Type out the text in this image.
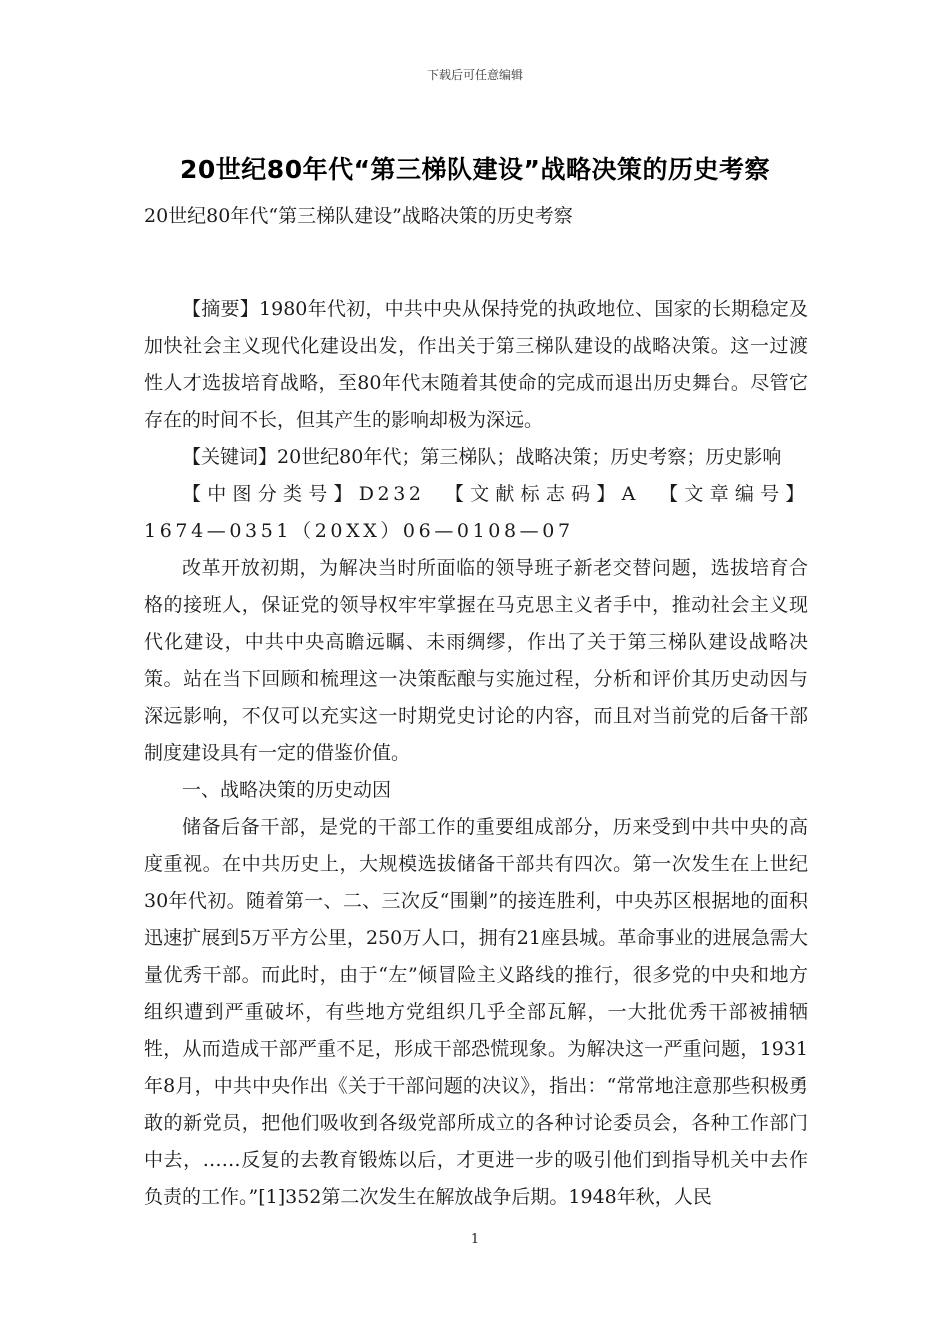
下载后可任意编辑
20世纪80年代“第三梯队建设”战略决策的历史考察

20世纪80年代“第三梯队建设”战略决策的历史考察

【摘要】1980年代初，中共中央从保持党的执政地位、国家的长期稳定及加快社会主义现代化建设出发，作出关于第三梯队建设的战略决策。这一过渡性人才选拔培育战略，至80年代末随着其使命的完成而退出历史舞台。尽管它存在的时间不长，但其产生的影响却极为深远。

【关键词】20世纪80年代；第三梯队；战略决策；历史考察；历史影响

【中图分类号】D232 【文献标志码】A 【文章编号】1674—0351（20XX）06—0108—07

改革开放初期，为解决当时所面临的领导班子新老交替问题，选拔培育合格的接班人，保证党的领导权牢牢掌握在马克思主义者手中，推动社会主义现代化建设，中共中央高瞻远瞩、未雨绸缪，作出了关于第三梯队建设战略决策。站在当下回顾和梳理这一决策酝酿与实施过程，分析和评价其历史动因与深远影响，不仅可以充实这一时期党史讨论的内容，而且对当前党的后备干部制度建设具有一定的借鉴价值。

一、战略决策的历史动因

储备后备干部，是党的干部工作的重要组成部分，历来受到中共中央的高度重视。在中共历史上，大规模选拔储备干部共有四次。第一次发生在上世纪30年代初。随着第一、二、三次反“围剿”的接连胜利，中央苏区根据地的面积迅速扩展到5万平方公里，250万人口，拥有21座县城。革命事业的进展急需大量优秀干部。而此时，由于“左”倾冒险主义路线的推行，很多党的中央和地方组织遭到严重破坏，有些地方党组织几乎全部瓦解，一大批优秀干部被捕牺牲，从而造成干部严重不足，形成干部恐慌现象。为解决这一严重问题，1931年8月，中共中央作出《关于干部问题的决议》，指出：“常常地注意那些积极勇敢的新党员，把他们吸收到各级党部所成立的各种讨论委员会，各种工作部门中去，……反复的去教育锻炼以后，才更进一步的吸引他们到指导机关中去作负责的工作。”[1]352第二次发生在解放战争后期。1948年秋，人民

1
